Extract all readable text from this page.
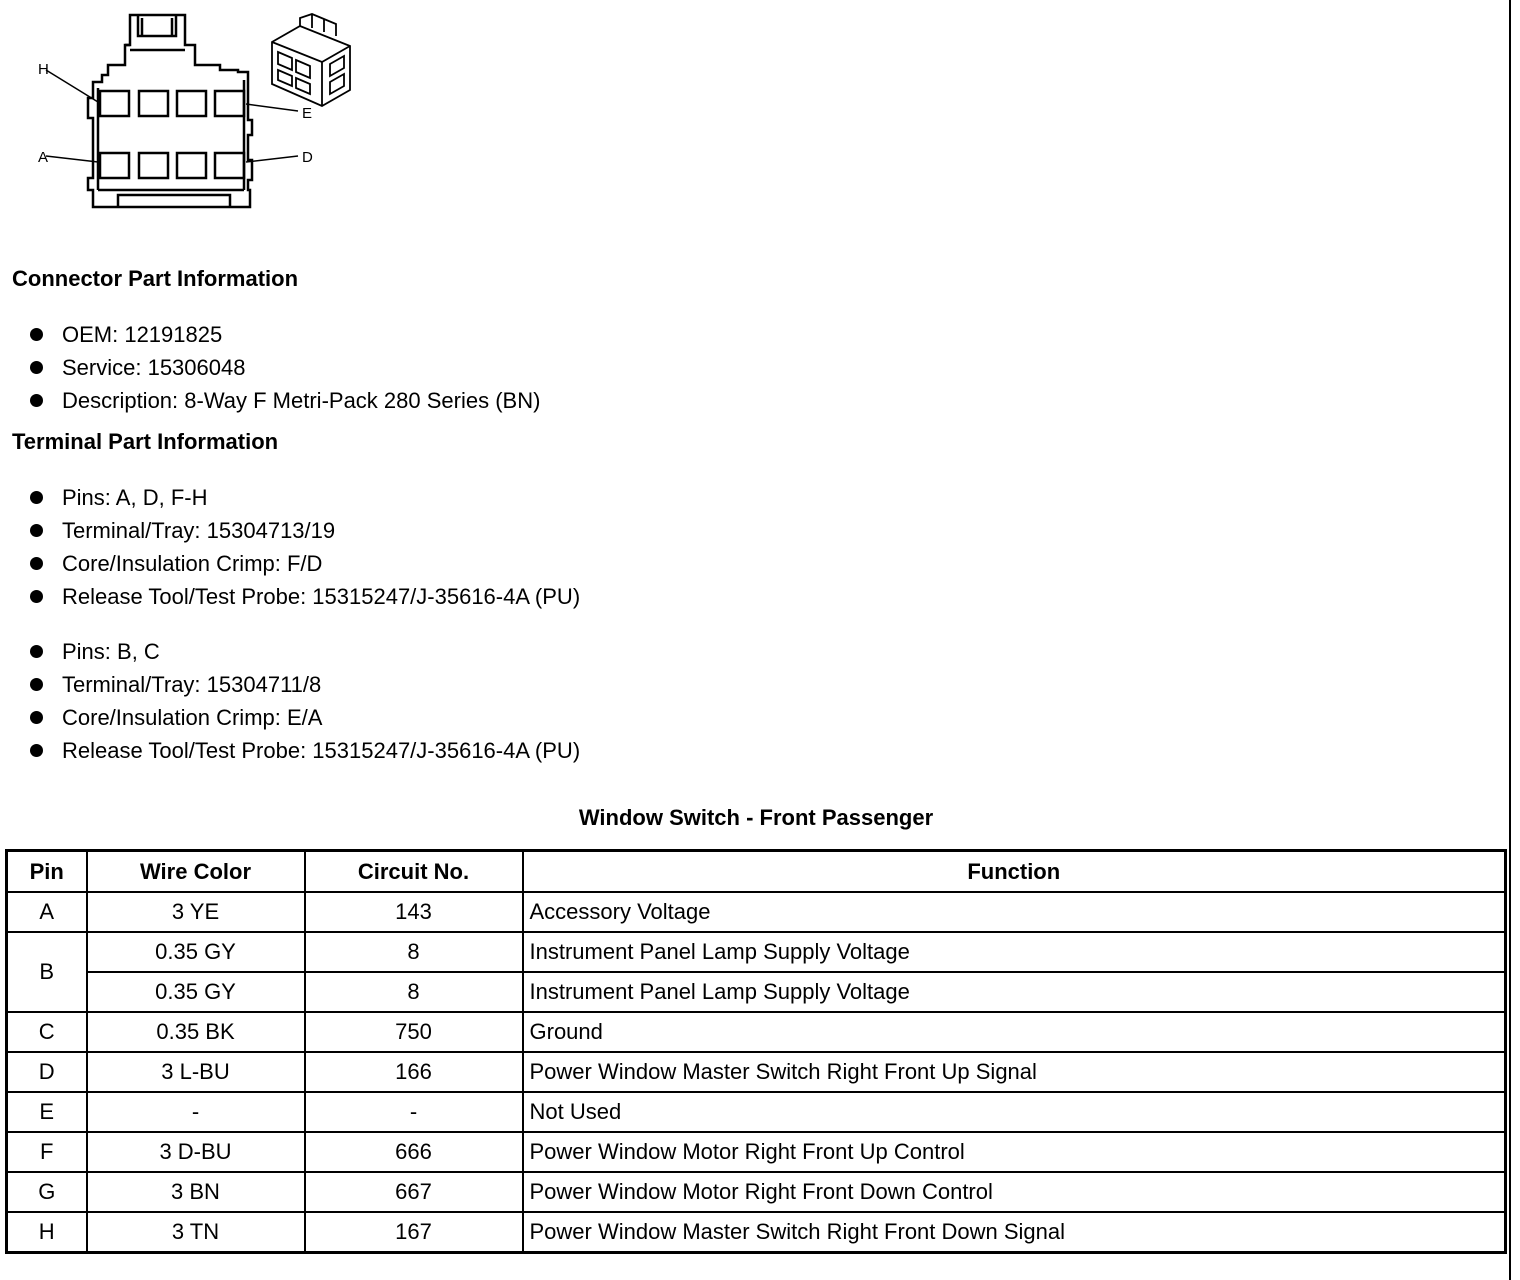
H
E
A	D
Connector Part Information
OEM: 12191825
Service: 15306048
Description: 8-Way F Metri-Pack 280 Series (BN)
Terminal Part Information
Pins: A, D, F-H
Terminal/Tray: 15304713/19
Core/Insulation Crimp: F/D
Release Tool/Test Probe: 15315247/J-35616-4A (PU)
Pins: B, C
Terminal/Tray: 15304711/8
Core/Insulation Crimp: E/A
Release Tool/Test Probe: 15315247/J-35616-4A (PU)
Window Switch - Front Passenger
Pin	Wire Color	Circuit No.	Function
A	3 YE	143	Accessory Voltage
B	0.35 GY	8	Instrument Panel Lamp Supply Voltage
	0.35 GY	8	Instrument Panel Lamp Supply Voltage
C	0.35 BK	750	Ground
D	3 L-BU	166	Power Window Master Switch Right Front Up Signal
E	-	-	Not Used
F	3 D-BU	666	Power Window Motor Right Front Up Control
G	3 BN	667	Power Window Motor Right Front Down Control
H	3 TN	167	Power Window Master Switch Right Front Down Signal
